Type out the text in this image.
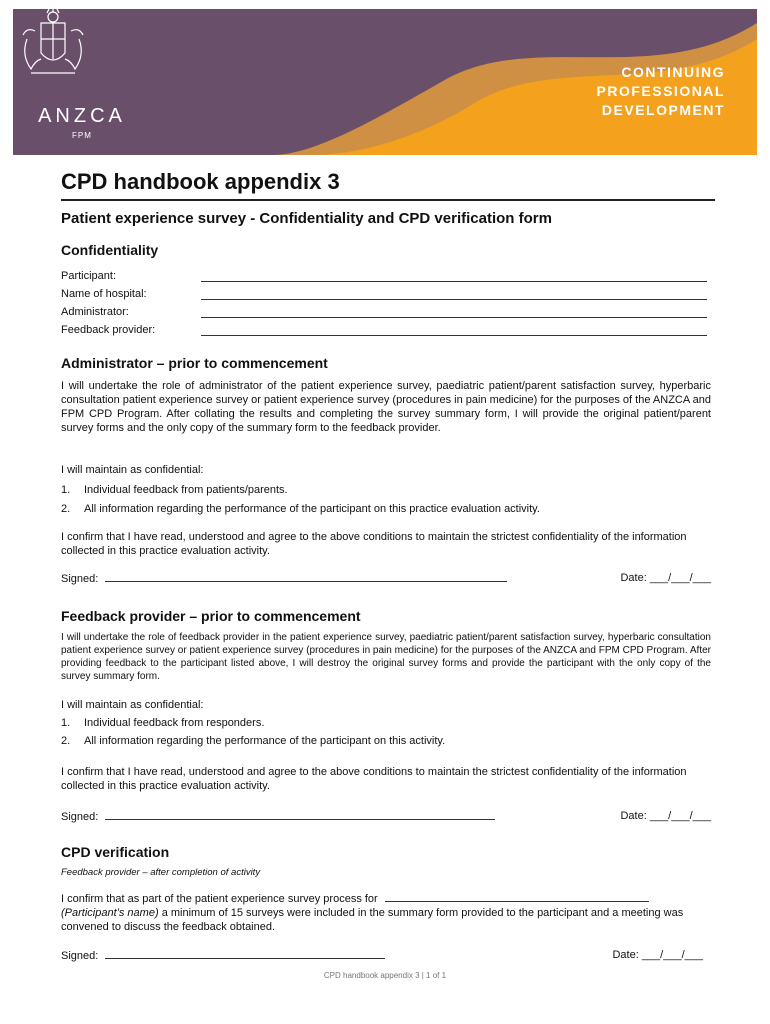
ANZCA
FPM
CONTINUING
PROFESSIONAL
DEVELOPMENT
CPD handbook appendix 3
Patient experience survey - Confidentiality and CPD verification form
Confidentiality
Participant:
Name of hospital:
Administrator:
Feedback provider:
Administrator – prior to commencement

I will undertake the role of administrator of the patient experience survey, paediatric patient/parent satisfaction survey, hyperbaric consultation patient experience survey or patient experience survey (procedures in pain medicine) for the purposes of the ANZCA and FPM CPD Program. After collating the results and completing the survey summary form, I will provide the original patient/parent survey forms and the only copy of the summary form to the feedback provider.

I will maintain as confidential:

1. Individual feedback from patients/parents.
2. All information regarding the performance of the participant on this practice evaluation activity.

I confirm that I have read, understood and agree to the above conditions to maintain the strictest confidentiality of the information collected in this practice evaluation activity.

Signed:	Date: ___/___/___
Feedback provider – prior to commencement

I will undertake the role of feedback provider in the patient experience survey, paediatric patient/parent satisfaction survey, hyperbaric consultation patient experience survey or patient experience survey (procedures in pain medicine) for the purposes of the ANZCA and FPM CPD Program. After providing feedback to the participant listed above, I will destroy the original survey forms and provide the participant with the only copy of the survey summary form.

I will maintain as confidential:

1. Individual feedback from responders.
2. All information regarding the performance of the participant on this activity.

I confirm that I have read, understood and agree to the above conditions to maintain the strictest confidentiality of the information collected in this practice evaluation activity.

Signed:	Date: ___/___/___
CPD verification

Feedback provider – after completion of activity

I confirm that as part of the patient experience survey process for  (Participant’s name) a minimum of 15 surveys were included in the summary form provided to the participant and a meeting was convened to discuss the feedback obtained.

Signed:	Date: ___/___/___
CPD handbook appendix 3 | 1 of 1
